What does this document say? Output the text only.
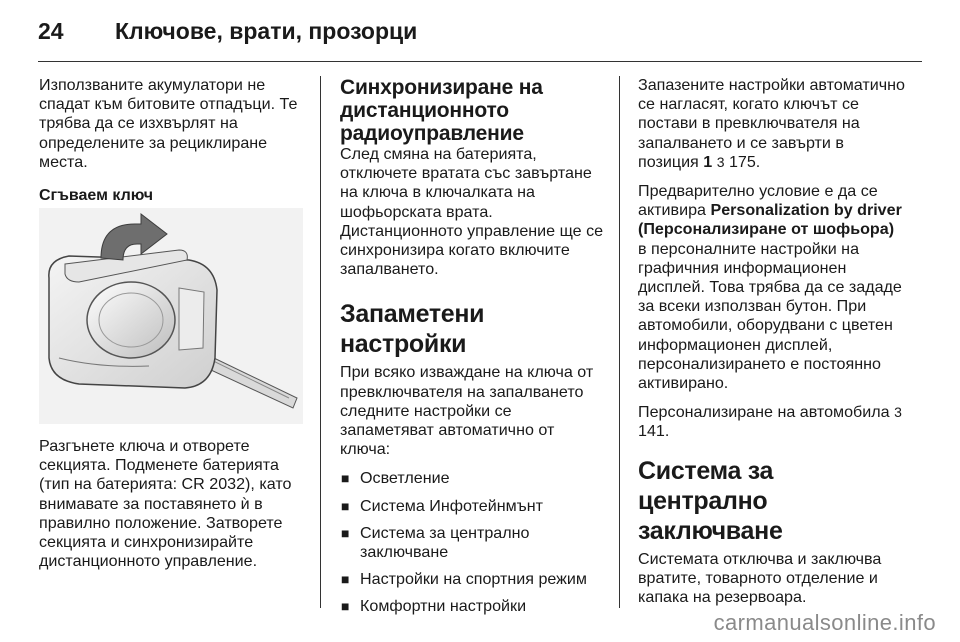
24 Ключове, врати, прозорци

Използваните акумулатори не спадат към битовите отпадъци. Те трябва да се изхвърлят на определените за рециклиране места.

Сгъваем ключ
Разгънете ключа и отворете секцията. Подменете батерията (тип на батерията: CR 2032), като внимавате за поставянето ѝ в правилно положение. Затворете секцията и синхронизирайте дистанционното управление.
Синхронизиране на дистанционното радиоуправление

След смяна на батерията, отключете вратата със завъртане на ключа в ключалката на шофьорската врата. Дистанционното управление ще се синхронизира когато включите запалването.

Запаметени настройки

При всяко изваждане на ключа от превключвателя на запалването следните настройки се запаметяват автоматично от ключа:

■ Осветление
■ Система Инфотейнмънт
■ Система за централно заключване
■ Настройки на спортния режим
■ Комфортни настройки

Запазените настройки автоматично се нагласят, когато ключът се постави в превключвателя на запалването и се завърти в позиция 1 3 175.

Предварително условие е да се активира Personalization by driver (Персонализиране от шофьора) в персоналните настройки на графичния информационен дисплей. Това трябва да се зададе за всеки използван бутон. При автомобили, оборудвани с цветен информационен дисплей, персонализирането е постоянно активирано.

Персонализиране на автомобила 3 141.

Система за централно заключване

Системата отключва и заключва вратите, товарното отделение и капака на резервоара.

carmanualsonline.info
